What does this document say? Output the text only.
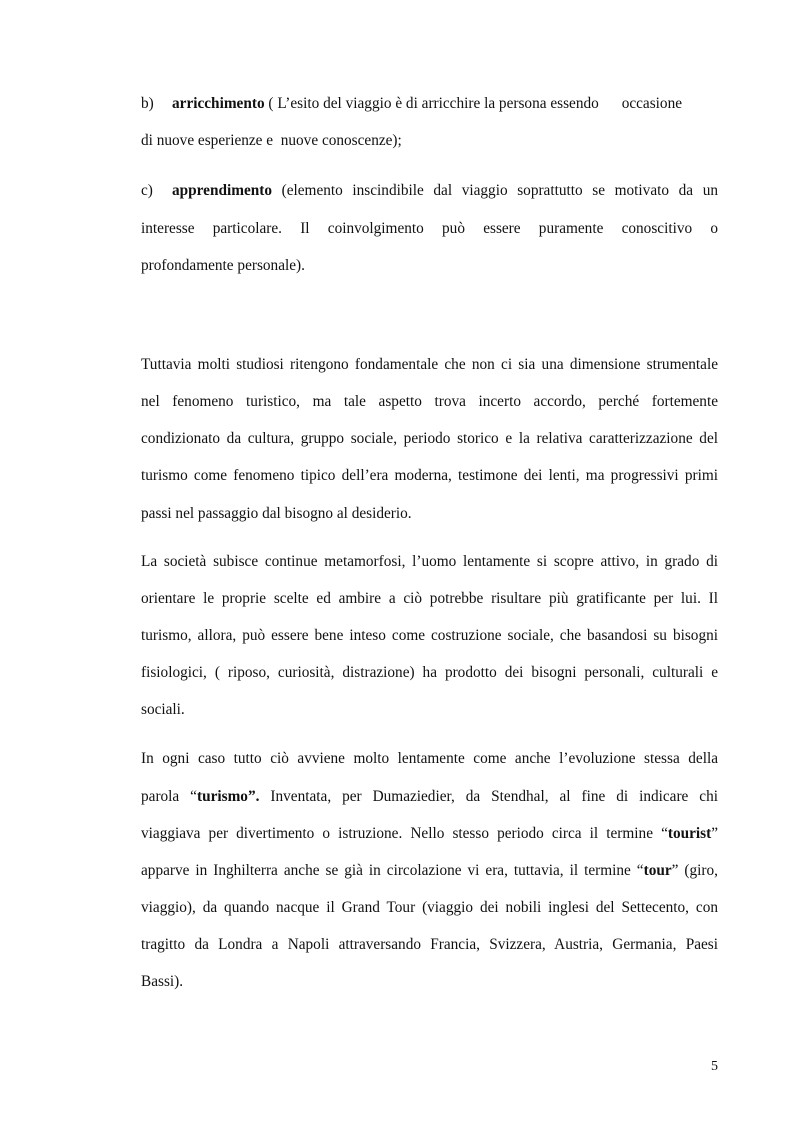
b) arricchimento ( L’esito del viaggio è di arricchire la persona essendo      occasione
di nuove esperienze e  nuove conoscenze);
c) apprendimento (elemento inscindibile dal viaggio soprattutto se motivato da un
interesse particolare. Il coinvolgimento può essere puramente conoscitivo o
profondamente personale).
Tuttavia molti studiosi ritengono fondamentale che non ci sia una dimensione strumentale
nel fenomeno turistico, ma tale aspetto trova incerto accordo, perché fortemente
condizionato da cultura, gruppo sociale, periodo storico e la relativa caratterizzazione del
turismo come fenomeno tipico dell’era moderna, testimone dei lenti, ma progressivi primi
passi nel passaggio dal bisogno al desiderio.
La società subisce continue metamorfosi, l’uomo lentamente si scopre attivo, in grado di
orientare le proprie scelte ed ambire a ciò potrebbe risultare più gratificante per lui. Il
turismo, allora, può essere bene inteso come costruzione sociale, che basandosi su bisogni
fisiologici, ( riposo, curiosità, distrazione) ha prodotto dei bisogni personali, culturali e
sociali.
In ogni caso tutto ciò avviene molto lentamente come anche l’evoluzione stessa della
parola “turismo”. Inventata, per Dumaziedier, da Stendhal, al fine di indicare chi
viaggiava per divertimento o istruzione. Nello stesso periodo circa il termine “tourist”
apparve in Inghilterra anche se già in circolazione vi era, tuttavia, il termine “tour” (giro,
viaggio), da quando nacque il Grand Tour (viaggio dei nobili inglesi del Settecento, con
tragitto da Londra a Napoli attraversando Francia, Svizzera, Austria, Germania, Paesi
Bassi).
5
